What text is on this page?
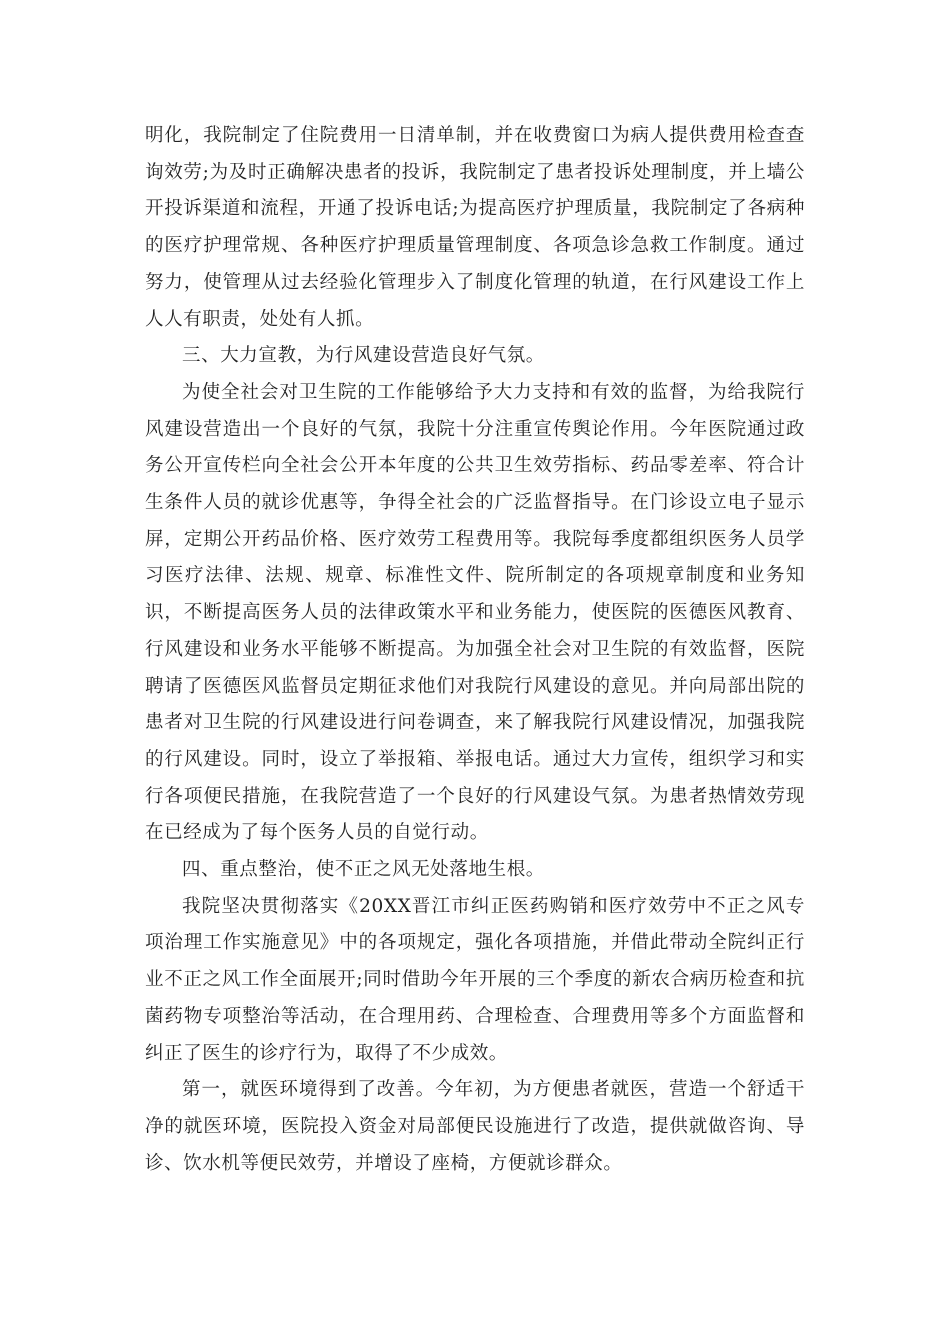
明化，我院制定了住院费用一日清单制，并在收费窗口为病人提供费用检查查询效劳;为及时正确解决患者的投诉，我院制定了患者投诉处理制度，并上墙公开投诉渠道和流程，开通了投诉电话;为提高医疗护理质量，我院制定了各病种的医疗护理常规、各种医疗护理质量管理制度、各项急诊急救工作制度。通过努力，使管理从过去经验化管理步入了制度化管理的轨道，在行风建设工作上人人有职责，处处有人抓。

三、大力宣教，为行风建设营造良好气氛。

为使全社会对卫生院的工作能够给予大力支持和有效的监督，为给我院行风建设营造出一个良好的气氛，我院十分注重宣传舆论作用。今年医院通过政务公开宣传栏向全社会公开本年度的公共卫生效劳指标、药品零差率、符合计生条件人员的就诊优惠等，争得全社会的广泛监督指导。在门诊设立电子显示屏，定期公开药品价格、医疗效劳工程费用等。我院每季度都组织医务人员学习医疗法律、法规、规章、标准性文件、院所制定的各项规章制度和业务知识，不断提高医务人员的法律政策水平和业务能力，使医院的医德医风教育、行风建设和业务水平能够不断提高。为加强全社会对卫生院的有效监督，医院聘请了医德医风监督员定期征求他们对我院行风建设的意见。并向局部出院的患者对卫生院的行风建设进行问卷调查，来了解我院行风建设情况，加强我院的行风建设。同时，设立了举报箱、举报电话。通过大力宣传，组织学习和实行各项便民措施，在我院营造了一个良好的行风建设气氛。为患者热情效劳现在已经成为了每个医务人员的自觉行动。

四、重点整治，使不正之风无处落地生根。

我院坚决贯彻落实《20XX晋江市纠正医药购销和医疗效劳中不正之风专项治理工作实施意见》中的各项规定，强化各项措施，并借此带动全院纠正行业不正之风工作全面展开;同时借助今年开展的三个季度的新农合病历检查和抗菌药物专项整治等活动，在合理用药、合理检查、合理费用等多个方面监督和纠正了医生的诊疗行为，取得了不少成效。

第一，就医环境得到了改善。今年初，为方便患者就医，营造一个舒适干净的就医环境，医院投入资金对局部便民设施进行了改造，提供就做咨询、导诊、饮水机等便民效劳，并增设了座椅，方便就诊群众。
